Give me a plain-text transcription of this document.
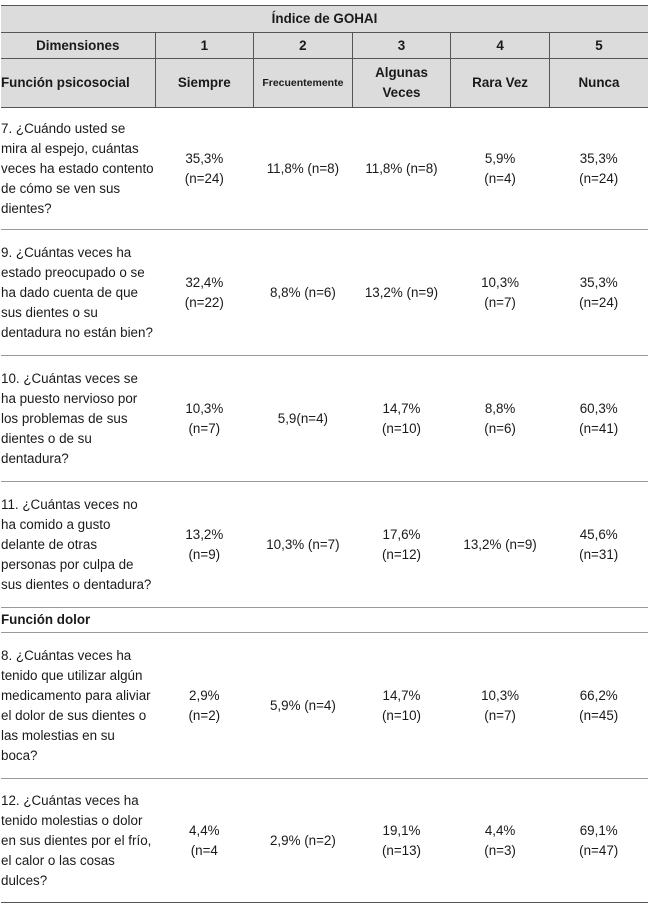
Índice de GOHAI					
Dimensiones	1	2	3	4	5
Función psicosocial	Siempre	Frecuentemente	Algunas Veces	Rara Vez	Nunca
7. ¿Cuándo usted se mira al espejo, cuántas veces ha estado contento de cómo se ven sus dientes?	35,3% (n=24)	11,8% (n=8)	11,8% (n=8)	5,9% (n=4)	35,3% (n=24)
9. ¿Cuántas veces ha estado preocupado o se ha dado cuenta de que sus dientes o su dentadura no están bien?	32,4% (n=22)	8,8% (n=6)	13,2% (n=9)	10,3% (n=7)	35,3% (n=24)
10. ¿Cuántas veces se ha puesto nervioso por los problemas de sus dientes o de su dentadura?	10,3% (n=7)	5,9(n=4)	14,7% (n=10)	8,8% (n=6)	60,3% (n=41)
11. ¿Cuántas veces no ha comido a gusto delante de otras personas por culpa de sus dientes o dentadura?	13,2% (n=9)	10,3% (n=7)	17,6% (n=12)	13,2% (n=9)	45,6% (n=31)
Función dolor					
8. ¿Cuántas veces ha tenido que utilizar algún medicamento para aliviar el dolor de sus dientes o las molestias en su boca?	2,9% (n=2)	5,9% (n=4)	14,7% (n=10)	10,3% (n=7)	66,2% (n=45)
12. ¿Cuántas veces ha tenido molestias o dolor en sus dientes por el frío, el calor o las cosas dulces?	4,4% (n=4	2,9% (n=2)	19,1% (n=13)	4,4% (n=3)	69,1% (n=47)
